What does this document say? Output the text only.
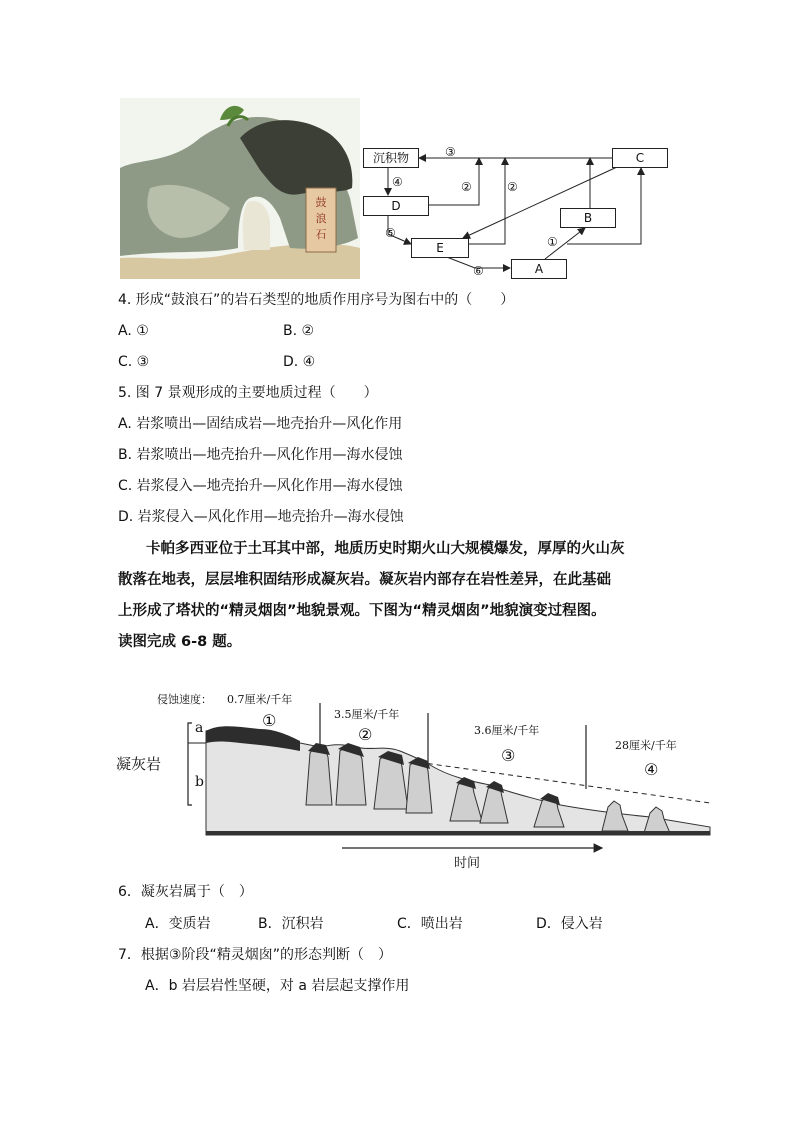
鼓
浪
石
沉积物
D
E
A
B
C
③
④	②	②
⑤
①
⑥
4. 形成“鼓浪石”的岩石类型的地质作用序号为图右中的（　　）
A. ①	B. ②
C. ③	D. ④
5. 图 7 景观形成的主要地质过程（　　）
A. 岩浆喷出—固结成岩—地壳抬升—风化作用
B. 岩浆喷出—地壳抬升—风化作用—海水侵蚀
C. 岩浆侵入—地壳抬升—风化作用—海水侵蚀
D. 岩浆侵入—风化作用—地壳抬升—海水侵蚀
卡帕多西亚位于土耳其中部，地质历史时期火山大规模爆发，厚厚的火山灰
散落在地表，层层堆积固结形成凝灰岩。凝灰岩内部存在岩性差异，在此基础
上形成了塔状的“精灵烟囱”地貌景观。下图为“精灵烟囱”地貌演变过程图。
读图完成 6-8 题。
侵蚀速度： 0.7厘米/千年
3.5厘米/千年
3.6厘米/千年
28厘米/千年
①
②
③
④
a
b
凝灰岩
时间
6．凝灰岩属于（　）
A．变质岩	B．沉积岩	C．喷出岩	D．侵入岩
7．根据③阶段“精灵烟囱”的形态判断（　）
A．b 岩层岩性坚硬，对 a 岩层起支撑作用
